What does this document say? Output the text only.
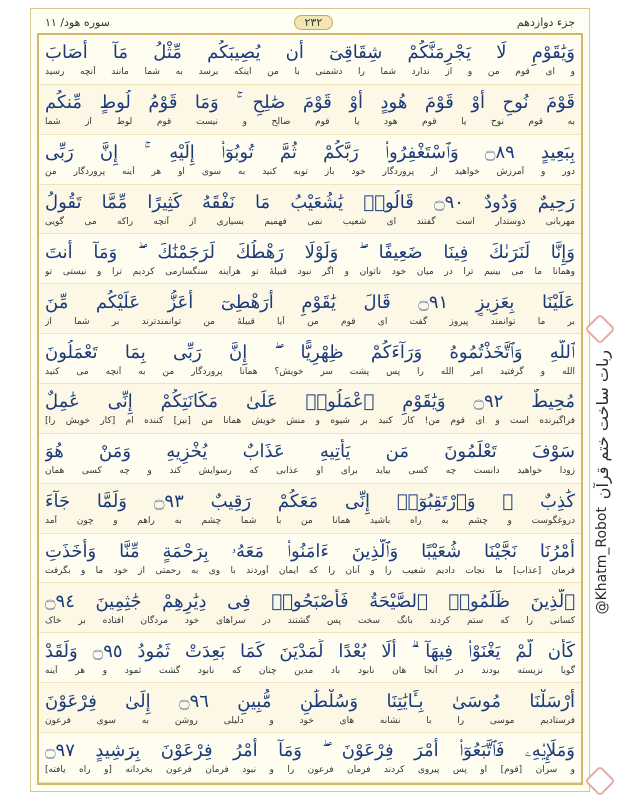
جزء دوازدهم
۲۳۲
سوره هود/ ۱۱
وَيَٰقَوْمِ لَا يَجْرِمَنَّكُمْ شِقَاقِىٓ أَن يُصِيبَكُم مِّثْلُ مَآ أَصَابَ
و ای قوم من و از ندارد شما را دشمنی با من اینکه برسد به شما مانند آنچه رسید
قَوْمَ نُوحٍ أَوْ قَوْمَ هُودٍ أَوْ قَوْمَ صَٰلِحٍ ۚ وَمَا قَوْمُ لُوطٍ مِّنكُم
به قوم نوح یا قوم هود یا قوم صالح و نیست قوم لوط از شما
بِبَعِيدٍ ۝٨٩ وَٱسْتَغْفِرُوا۟ رَبَّكُمْ ثُمَّ تُوبُوٓا۟ إِلَيْهِ ۚ إِنَّ رَبِّى
دور و آمرزش خواهید از پروردگار خود باز توبه کنید به سوی او هر آینه پروردگار من
رَحِيمٌ وَدُودٌ ۝٩٠ قَالُوا۟ يَٰشُعَيْبُ مَا نَفْقَهُ كَثِيرًا مِّمَّا تَقُولُ
مهربانی دوستدار است گفتند ای شعیب نمی فهمیم بسیاری از آنچه راکه می گویی
وَإِنَّا لَنَرَىٰكَ فِينَا ضَعِيفًا ۖ وَلَوْلَا رَهْطُكَ لَرَجَمْنَٰكَ ۖ وَمَآ أَنتَ
وهمانا ما می بینیم ترا در میان خود ناتوان و اگر نبود قبیلهٔ تو هرآینه سنگسارمی کردیم ترا و نیستی تو
عَلَيْنَا بِعَزِيزٍ ۝٩١ قَالَ يَٰقَوْمِ أَرَهْطِىٓ أَعَزُّ عَلَيْكُم مِّنَ
بر ما توانمند پیروز گفت ای قوم من آیا قبیلهٔ من توانمندترند بر شما از
ٱللَّهِ وَٱتَّخَذْتُمُوهُ وَرَآءَكُمْ ظِهْرِيًّا ۖ إِنَّ رَبِّى بِمَا تَعْمَلُونَ
الله و گرفتید امر الله را پس پشت سر خویش؟ همانا پروردگار من به آنچه می کنید
مُحِيطٌ ۝٩٢ وَيَٰقَوْمِ ٱعْمَلُوا۟ عَلَىٰ مَكَانَتِكُمْ إِنِّى عَٰمِلٌ
فراگیرنده است و ای قوم من! کار کنید بر شیوه و منش خویش همانا من [نیز] کننده ام [کار خویش را]
سَوْفَ تَعْلَمُونَ مَن يَأْتِيهِ عَذَابٌ يُخْزِيهِ وَمَنْ هُوَ
زودا خواهید دانست چه کسی بیاید برای او عذابی که رسوایش کند و چه کسی همان
كَٰذِبٌ ۖ وَٱرْتَقِبُوٓا۟ إِنِّى مَعَكُمْ رَقِيبٌ ۝٩٣ وَلَمَّا جَآءَ
دروغگوست و چشم به راه باشید همانا من با شما چشم به راهم و چون آمد
أَمْرُنَا نَجَّيْنَا شُعَيْبًا وَٱلَّذِينَ ءَامَنُوا۟ مَعَهُۥ بِرَحْمَةٍ مِّنَّا وَأَخَذَتِ
فرمان [عذاب] ما نجات دادیم شعیب را و آنان را که ایمان آوردند با وی به رحمتی از خود ما و بگرفت
ٱلَّذِينَ ظَلَمُوا۟ ٱلصَّيْحَةُ فَأَصْبَحُوا۟ فِى دِيَٰرِهِمْ جَٰثِمِينَ ۝٩٤
کسانی را که ستم کردند بانگ سخت پس گشتند در سراهای خود مردگان افتاده بر خاک
كَأَن لَّمْ يَغْنَوْا۟ فِيهَآ ۗ أَلَا بُعْدًا لِّمَدْيَنَ كَمَا بَعِدَتْ ثَمُودُ ۝٩٥ وَلَقَدْ
گویا نزیسته بودند در آنجا هان نابود باد مدین چنان که نابود گشت ثمود و هر آینه
أَرْسَلْنَا مُوسَىٰ بِـَٔايَٰتِنَا وَسُلْطَٰنٍ مُّبِينٍ ۝٩٦ إِلَىٰ فِرْعَوْنَ
فرستادیم موسی را با نشانه های خود و دلیلی روشن به سوی فرعون
وَمَلَإِي۟هِۦ فَٱتَّبَعُوٓا۟ أَمْرَ فِرْعَوْنَ ۖ وَمَآ أَمْرُ فِرْعَوْنَ بِرَشِيدٍ ۝٩٧
و سران [قوم] او پس پیروی کردند فرمان فرعون را و نبود فرمان فرعون بخردانه [و راه یافته]
ربات ساخت ختم قرآن
@Khatm_Robot
